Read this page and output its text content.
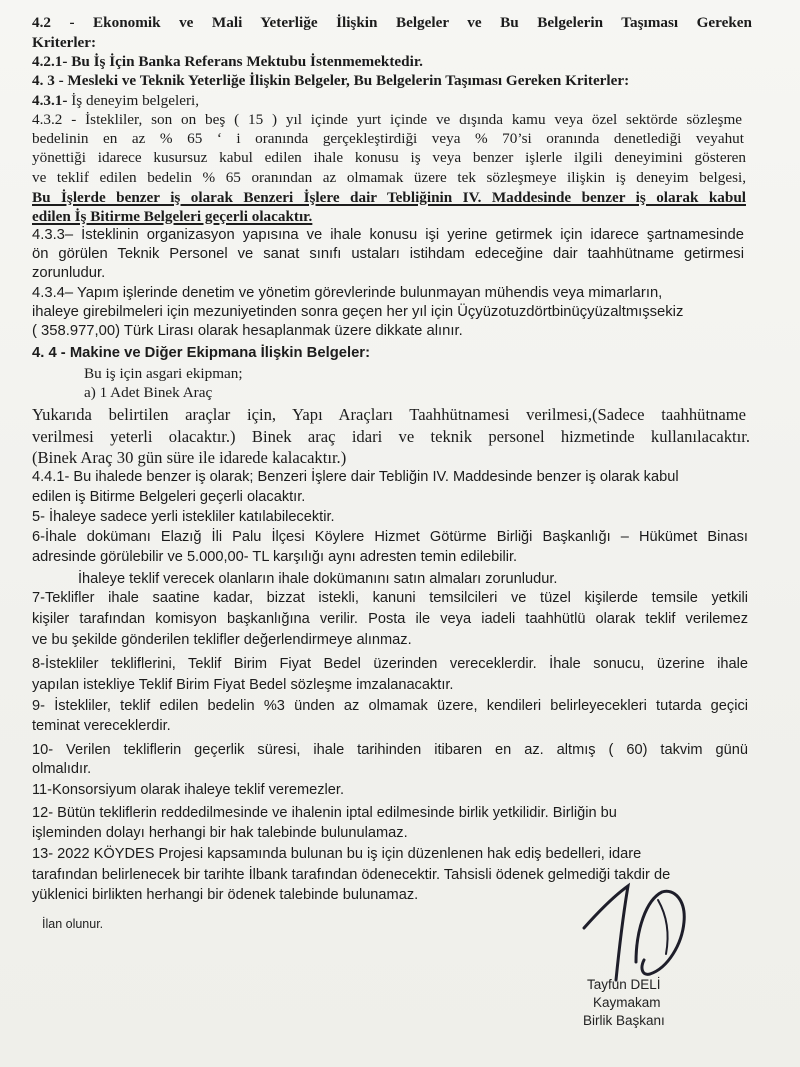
4.2 - Ekonomik ve Mali Yeterliğe İlişkin Belgeler ve Bu Belgelerin Taşıması Gereken
Kriterler:
4.2.1- Bu İş İçin Banka Referans Mektubu İstenmemektedir.
4. 3 - Mesleki ve Teknik Yeterliğe İlişkin Belgeler, Bu Belgelerin Taşıması Gereken Kriterler:
4.3.1- İş deneyim belgeleri,
4.3.2 - İstekliler, son on beş ( 15 ) yıl içinde yurt içinde ve dışında kamu veya özel sektörde sözleşme
bedelinin en az % 65 ‘ i oranında gerçekleştirdiği veya % 70’si oranında denetlediği veyahut
yönettiği idarece kusursuz kabul edilen ihale konusu iş veya benzer işlerle ilgili deneyimini gösteren
ve teklif edilen bedelin % 65 oranından az olmamak üzere tek sözleşmeye ilişkin iş deneyim belgesi,
Bu İşlerde benzer iş olarak Benzeri İşlere dair Tebliğinin IV. Maddesinde benzer iş olarak kabul
edilen İş Bitirme Belgeleri geçerli olacaktır.
4.3.3– İsteklinin organizasyon yapısına ve ihale konusu işi yerine getirmek için idarece şartnamesinde
ön görülen Teknik Personel ve sanat sınıfı ustaları istihdam edeceğine dair taahhütname getirmesi
zorunludur.
4.3.4– Yapım işlerinde denetim ve yönetim görevlerinde bulunmayan mühendis veya mimarların,
ihaleye girebilmeleri için mezuniyetinden sonra geçen her yıl için Üçyüzotuzdörtbinüçyüzaltmışsekiz
( 358.977,00) Türk Lirası olarak hesaplanmak üzere dikkate alınır.
4. 4 - Makine ve Diğer Ekipmana İlişkin Belgeler:
Bu iş için asgari ekipman;
a) 1 Adet Binek Araç
Yukarıda belirtilen araçlar için, Yapı Araçları Taahhütnamesi verilmesi,(Sadece taahhütname
verilmesi yeterli olacaktır.) Binek araç idari ve teknik personel hizmetinde kullanılacaktır.
(Binek Araç 30 gün süre ile idarede kalacaktır.)
4.4.1- Bu ihalede benzer iş olarak; Benzeri İşlere dair Tebliğin IV. Maddesinde benzer iş olarak kabul
edilen iş Bitirme Belgeleri geçerli olacaktır.
5- İhaleye sadece yerli istekliler katılabilecektir.
6-İhale dokümanı Elazığ İli Palu İlçesi Köylere Hizmet Götürme Birliği Başkanlığı – Hükümet Binası
adresinde görülebilir ve 5.000,00- TL karşılığı aynı adresten temin edilebilir.
İhaleye teklif verecek olanların ihale dokümanını satın almaları zorunludur.
7-Teklifler ihale saatine kadar, bizzat istekli, kanuni temsilcileri ve tüzel kişilerde temsile yetkili
kişiler tarafından komisyon başkanlığına verilir. Posta ile veya iadeli taahhütlü olarak teklif verilemez
ve bu şekilde gönderilen teklifler değerlendirmeye alınmaz.
8-İstekliler tekliflerini, Teklif Birim Fiyat Bedel üzerinden vereceklerdir. İhale sonucu, üzerine ihale
yapılan istekliye Teklif Birim Fiyat Bedel sözleşme imzalanacaktır.
9- İstekliler, teklif edilen bedelin %3 ünden az olmamak üzere, kendileri belirleyecekleri tutarda geçici
teminat vereceklerdir.
10- Verilen tekliflerin geçerlik süresi, ihale tarihinden itibaren en az. altmış ( 60) takvim günü
olmalıdır.
11-Konsorsiyum olarak ihaleye teklif veremezler.
12- Bütün tekliflerin reddedilmesinde ve ihalenin iptal edilmesinde birlik yetkilidir. Birliğin bu
işleminden dolayı herhangi bir hak talebinde bulunulamaz.
13- 2022 KÖYDES Projesi kapsamında bulunan bu iş için düzenlenen hak ediş bedelleri, idare
tarafından belirlenecek bir tarihte İlbank tarafından ödenecektir. Tahsisli ödenek gelmediği takdir de
yüklenici birlikten herhangi bir ödenek talebinde bulunamaz.
İlan olunur.
Tayfun DELİ
Kaymakam
Birlik Başkanı
